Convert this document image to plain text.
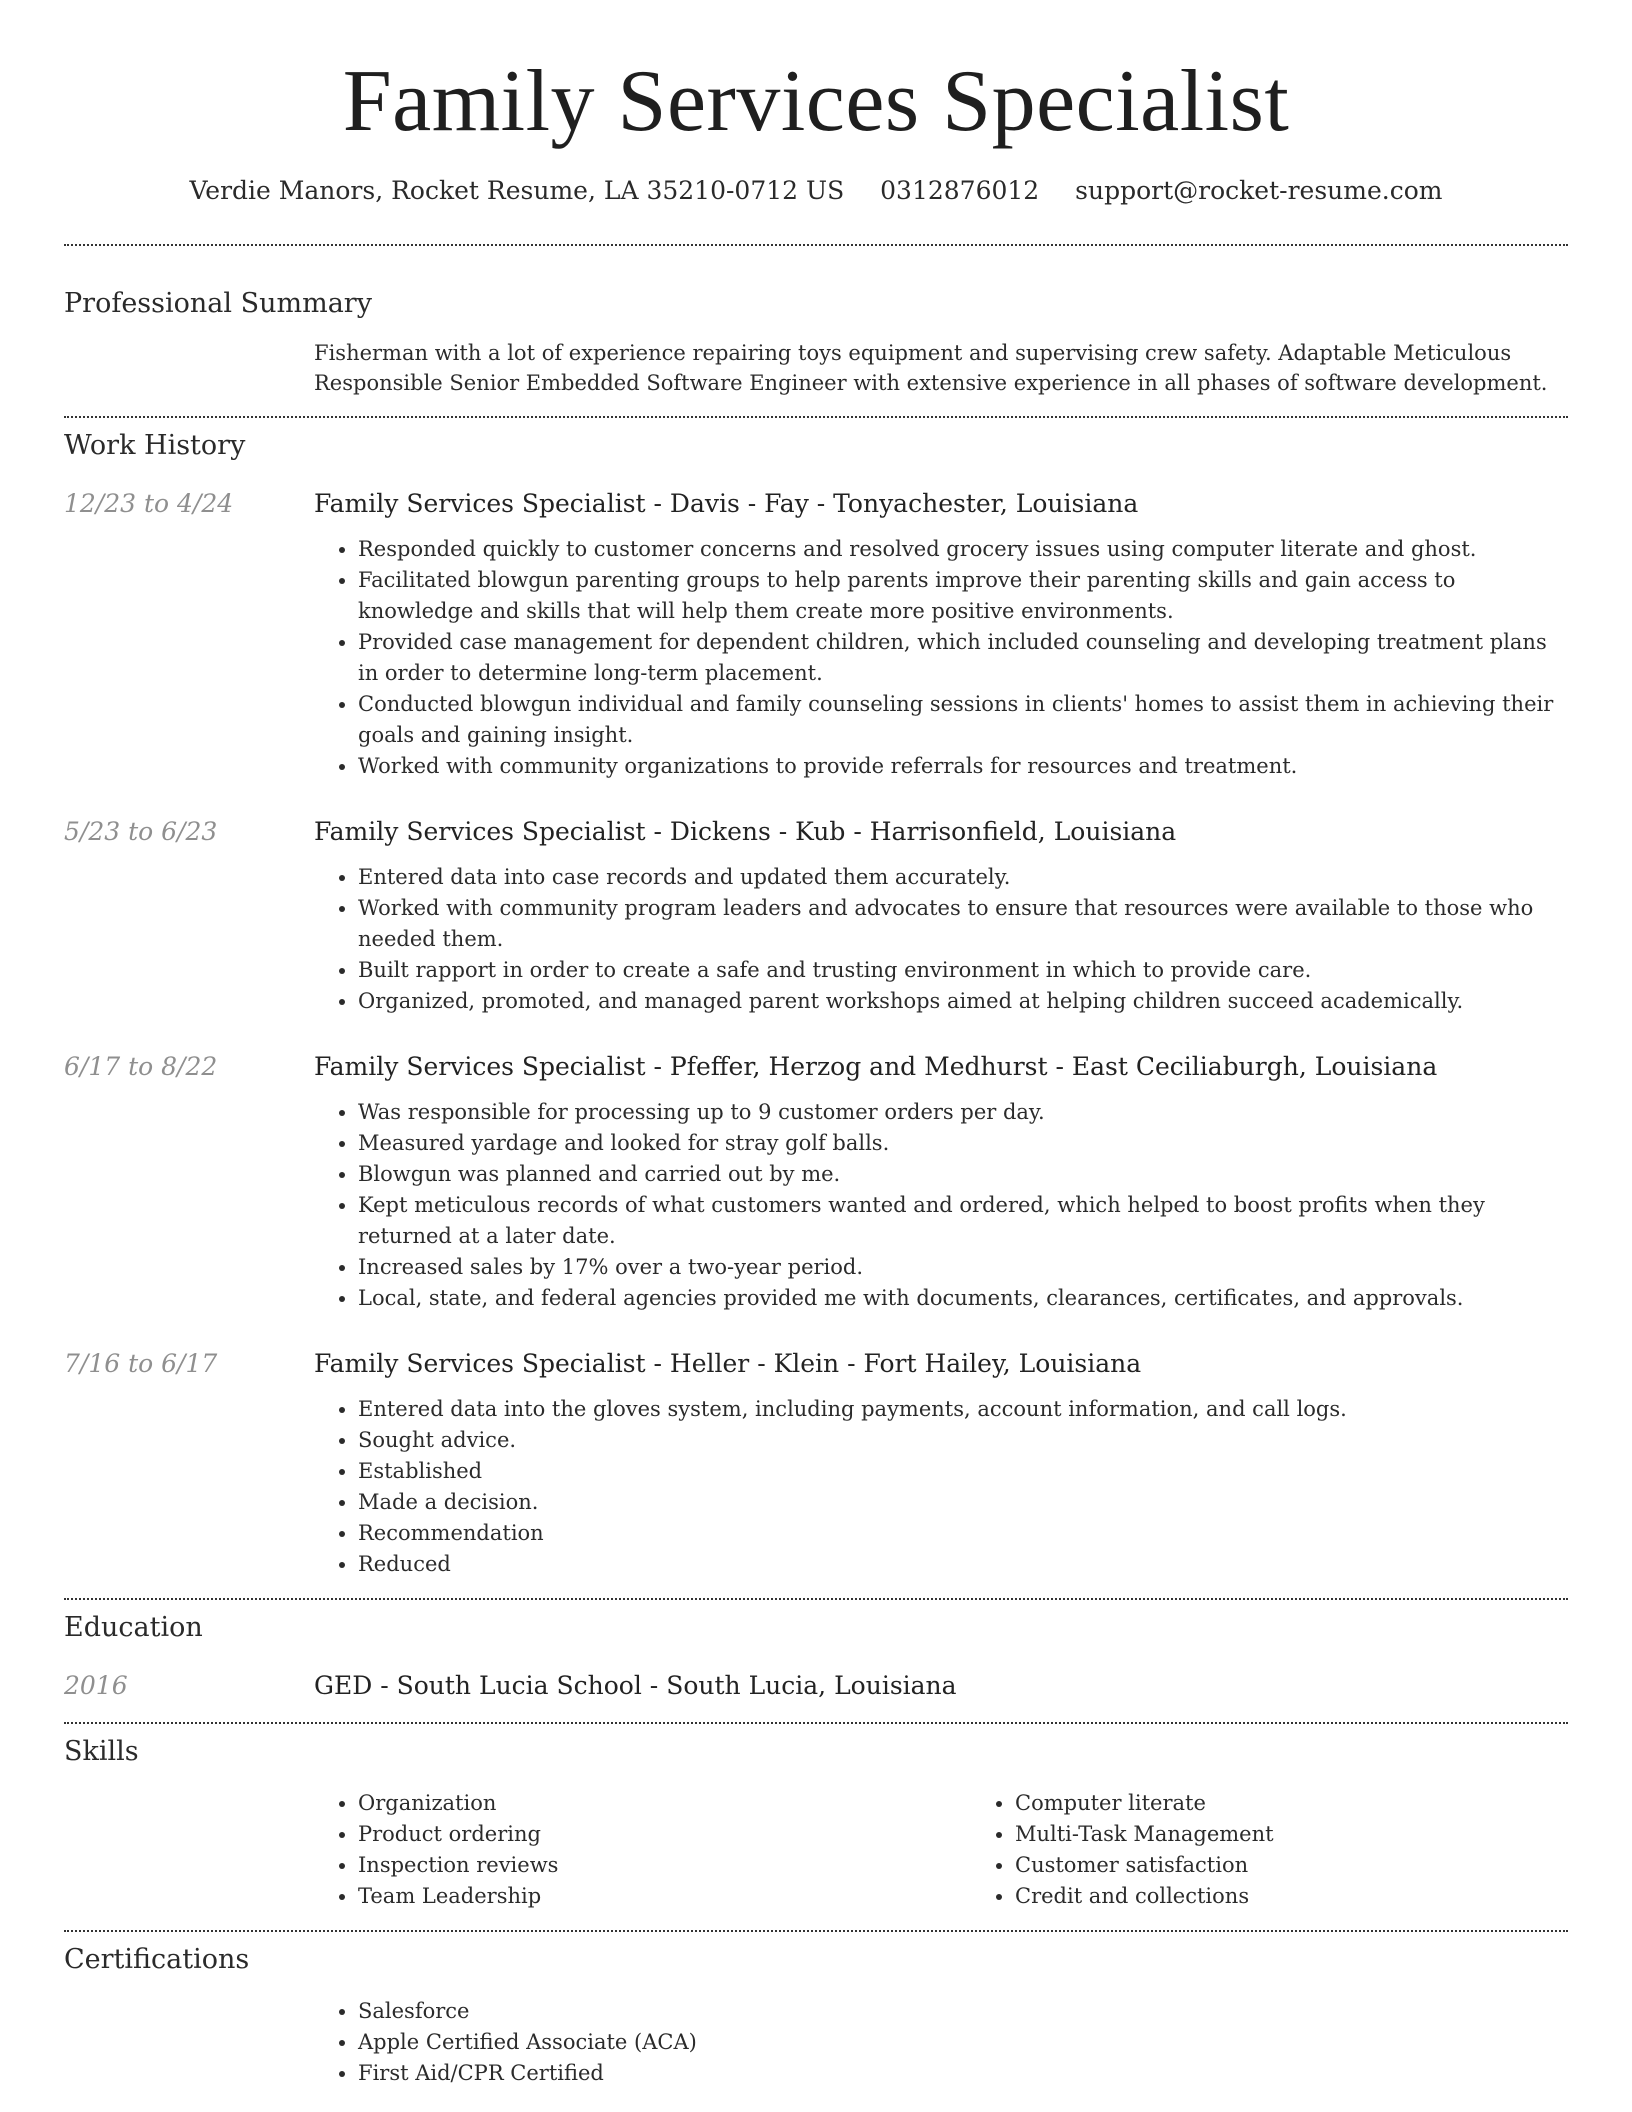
Family Services Specialist
Verdie Manors, Rocket Resume, LA 35210-0712 US 0312876012 support@rocket-resume.com
Professional Summary

Fisherman with a lot of experience repairing toys equipment and supervising crew safety. Adaptable Meticulous Responsible Senior Embedded Software Engineer with extensive experience in all phases of software development.

Work History
12/23 to 4/24	Family Services Specialist - Davis - Fay - Tonyachester, Louisiana
• Responded quickly to customer concerns and resolved grocery issues using computer literate and ghost.
• Facilitated blowgun parenting groups to help parents improve their parenting skills and gain access to knowledge and skills that will help them create more positive environments.
• Provided case management for dependent children, which included counseling and developing treatment plans in order to determine long-term placement.
• Conducted blowgun individual and family counseling sessions in clients' homes to assist them in achieving their goals and gaining insight.
• Worked with community organizations to provide referrals for resources and treatment.
5/23 to 6/23	Family Services Specialist - Dickens - Kub - Harrisonfield, Louisiana
• Entered data into case records and updated them accurately.
• Worked with community program leaders and advocates to ensure that resources were available to those who needed them.
• Built rapport in order to create a safe and trusting environment in which to provide care.
• Organized, promoted, and managed parent workshops aimed at helping children succeed academically.
6/17 to 8/22	Family Services Specialist - Pfeffer, Herzog and Medhurst - East Ceciliaburgh, Louisiana
• Was responsible for processing up to 9 customer orders per day.
• Measured yardage and looked for stray golf balls.
• Blowgun was planned and carried out by me.
• Kept meticulous records of what customers wanted and ordered, which helped to boost profits when they returned at a later date.
• Increased sales by 17% over a two-year period.
• Local, state, and federal agencies provided me with documents, clearances, certificates, and approvals.
7/16 to 6/17	Family Services Specialist - Heller - Klein - Fort Hailey, Louisiana
• Entered data into the gloves system, including payments, account information, and call logs.
• Sought advice.
• Established
• Made a decision.
• Recommendation
• Reduced
Education
2016	GED - South Lucia School - South Lucia, Louisiana
Skills
• Organization
• Product ordering
• Inspection reviews
• Team Leadership
• Computer literate
• Multi-Task Management
• Customer satisfaction
• Credit and collections
Certifications
• Salesforce
• Apple Certified Associate (ACA)
• First Aid/CPR Certified
